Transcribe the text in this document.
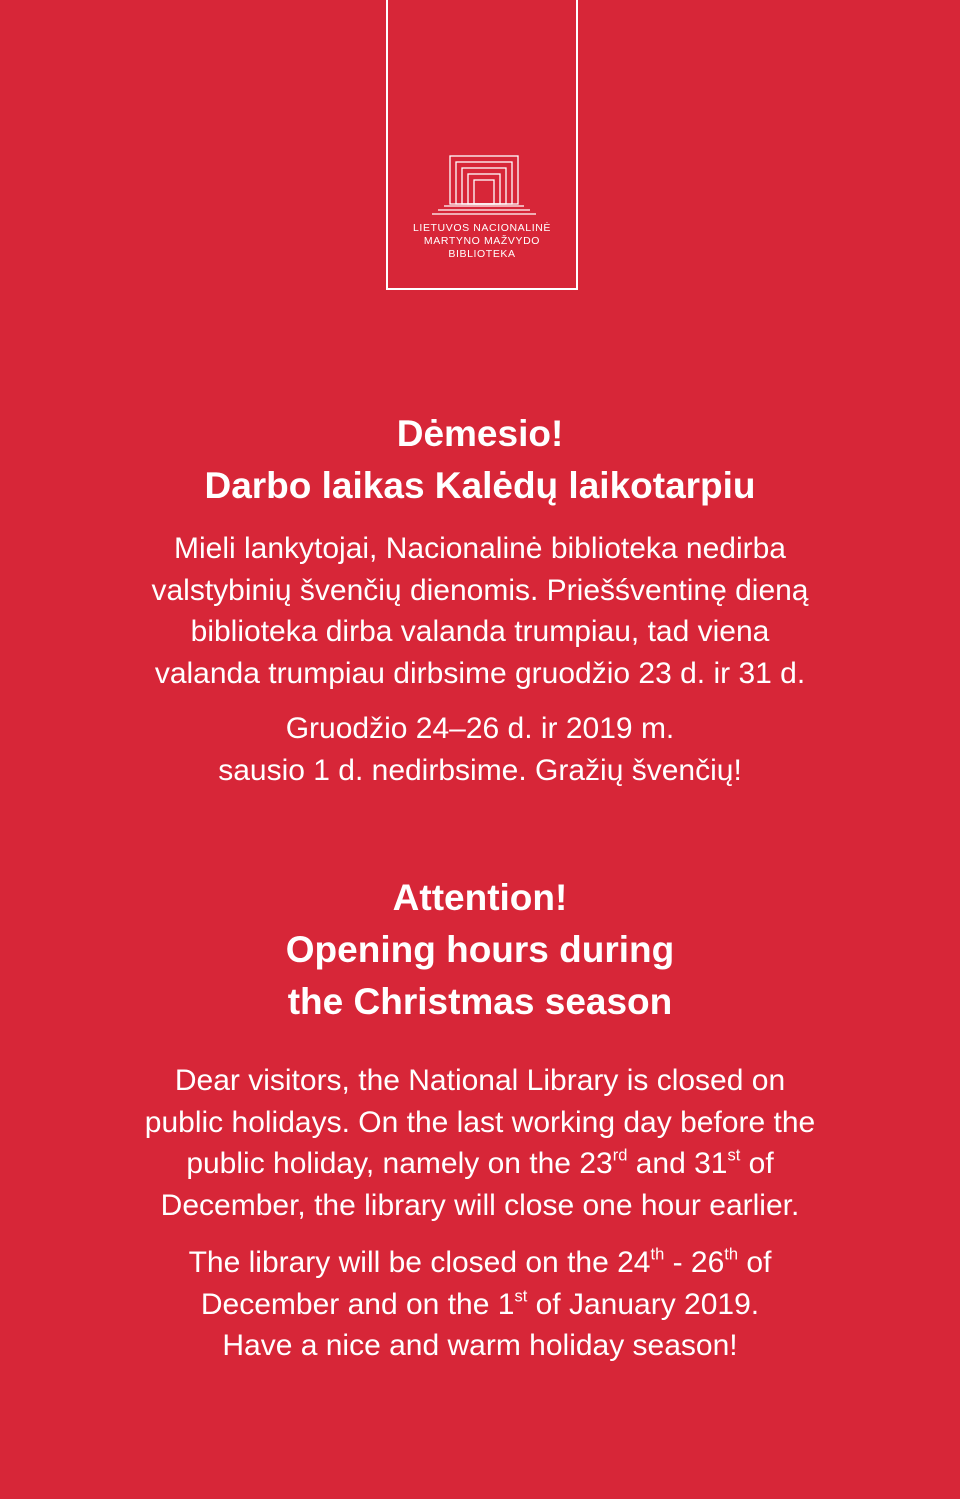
LIETUVOS NACIONALINĖ
MARTYNO MAŽVYDO
BIBLIOTEKA
Dėmesio!
Darbo laikas Kalėdų laikotarpiu

Mieli lankytojai, Nacionalinė biblioteka nedirba
valstybinių švenčių dienomis. Priešśventinę dieną
biblioteka dirba valanda trumpiau, tad viena
valanda trumpiau dirbsime gruodžio 23 d. ir 31 d.

Gruodžio 24–26 d. ir 2019 m.
sausio 1 d. nedirbsime. Gražių švenčių!

Attention!
Opening hours during
the Christmas season

Dear visitors, the National Library is closed on
public holidays. On the last working day before the
public holiday, namely on the 23rd and 31st of
December, the library will close one hour earlier.

The library will be closed on the 24th - 26th of
December and on the 1st of January 2019.
Have a nice and warm holiday season!
